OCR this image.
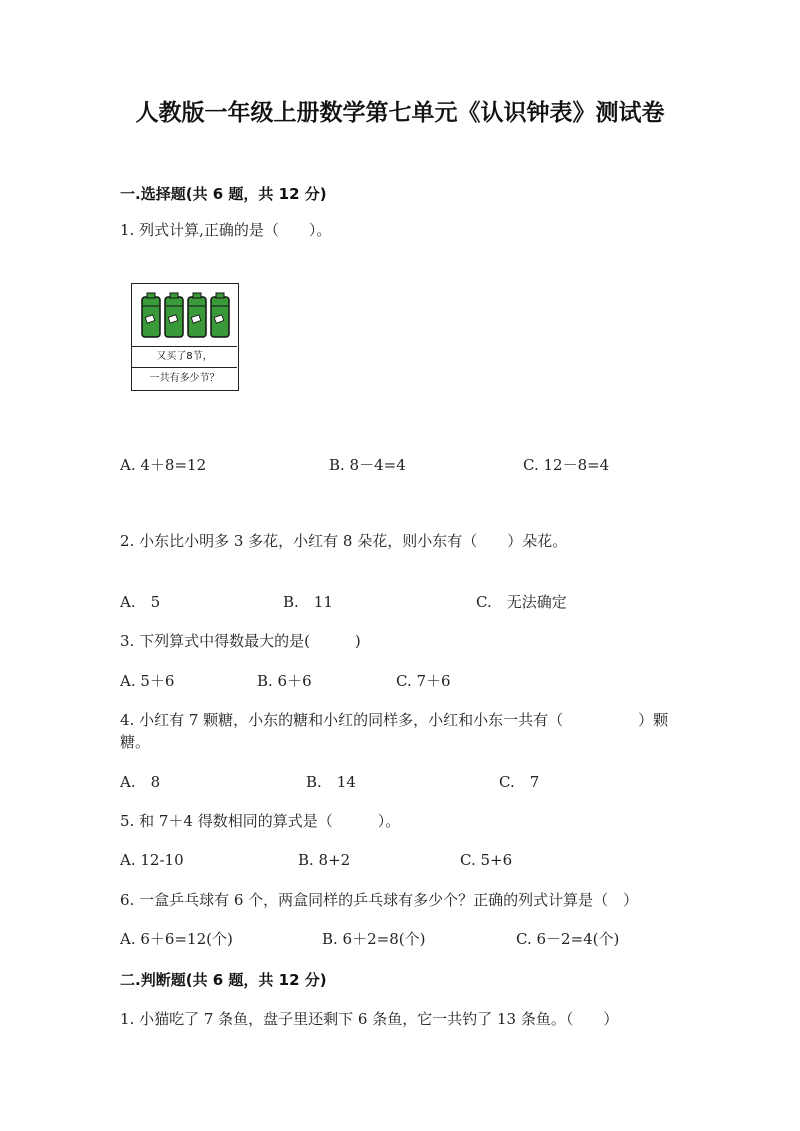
人教版一年级上册数学第七单元《认识钟表》测试卷
一.选择题(共 6 题，共 12 分)
1. 列式计算,正确的是（　　）。
又买了8节，
一共有多少节？
A. 4＋8=12	B. 8－4=4	C. 12－8=4
2. 小东比小明多 3 多花，小红有 8 朵花，则小东有（　　）朵花。
A.　5	B.　11	C.　无法确定
3. 下列算式中得数最大的是(　　　)
A. 5＋6	B. 6＋6	C. 7＋6
4. 小红有 7 颗糖，小东的糖和小红的同样多，小红和小东一共有（　　　　　）颗糖。
A.　8	B.　14	C.　7
5. 和 7＋4 得数相同的算式是（　　　）。
A. 12-10	B. 8+2	C. 5+6
6. 一盒乒乓球有 6 个，两盒同样的乒乓球有多少个？正确的列式计算是（　）
A. 6＋6=12(个)	B. 6＋2=8(个)	C. 6－2=4(个)
二.判断题(共 6 题，共 12 分)
1. 小猫吃了 7 条鱼，盘子里还剩下 6 条鱼，它一共钓了 13 条鱼。（　　）
